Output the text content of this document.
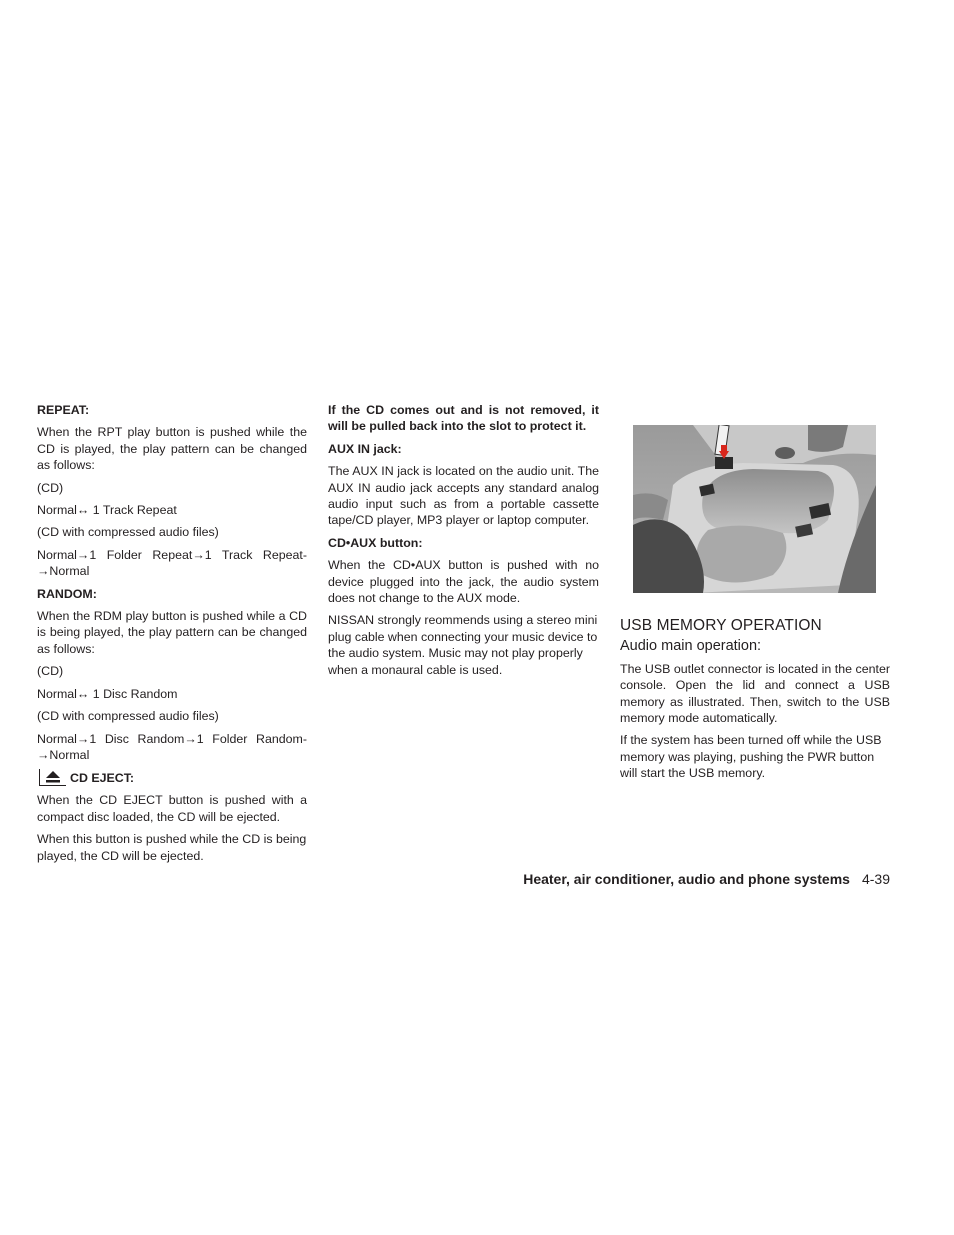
REPEAT:

When the RPT play button is pushed while the CD is played, the play pattern can be changed as follows:

(CD)

Normal↔ 1 Track Repeat

(CD with compressed audio files)

Normal→1 Folder Repeat→1 Track Repeat-→Normal

RANDOM:

When the RDM play button is pushed while a CD is being played, the play pattern can be changed as follows:

(CD)

Normal↔ 1 Disc Random

(CD with compressed audio files)

Normal→1 Disc Random→1 Folder Random-→Normal

CD EJECT:

When the CD EJECT button is pushed with a compact disc loaded, the CD will be ejected.

When this button is pushed while the CD is being played, the CD will be ejected.

If the CD comes out and is not removed, it will be pulled back into the slot to protect it.

AUX IN jack:

The AUX IN jack is located on the audio unit. The AUX IN audio jack accepts any standard analog audio input such as from a portable cassette tape/CD player, MP3 player or laptop computer.

CD•AUX button:

When the CD•AUX button is pushed with no device plugged into the jack, the audio system does not change to the AUX mode.

NISSAN strongly reommends using a stereo mini plug cable when connecting your music device to the audio system. Music may not play properly when a monaural cable is used.

USB MEMORY OPERATION
Audio main operation:

The USB outlet connector is located in the center console. Open the lid and connect a USB memory as illustrated. Then, switch to the USB memory mode automatically.

If the system has been turned off while the USB memory was playing, pushing the PWR button will start the USB memory.

Heater, air conditioner, audio and phone systems 4-39
